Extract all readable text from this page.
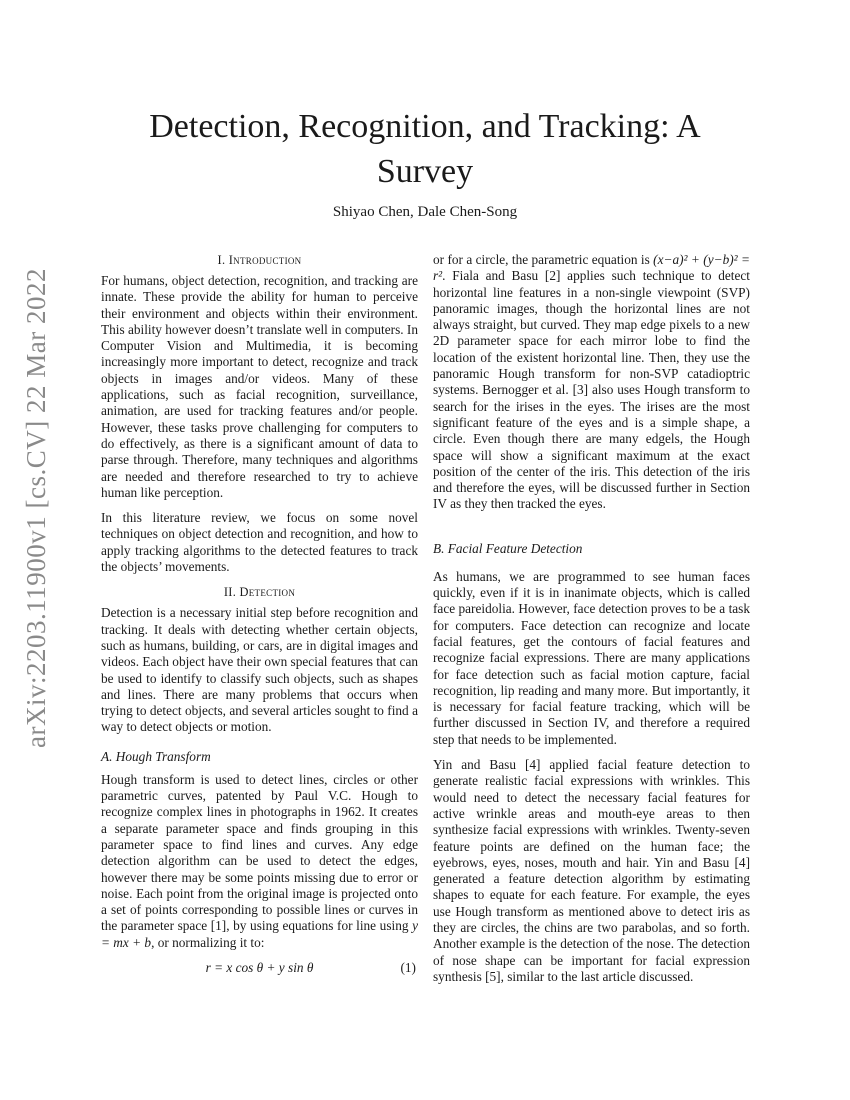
Detection, Recognition, and Tracking: A Survey
Shiyao Chen, Dale Chen-Song
arXiv:2203.11900v1 [cs.CV] 22 Mar 2022
I. Introduction

For humans, object detection, recognition, and tracking are innate. These provide the ability for human to perceive their environment and objects within their environment. This ability however doesn’t translate well in computers. In Computer Vision and Multimedia, it is becoming increasingly more important to detect, recognize and track objects in images and/or videos. Many of these applications, such as facial recognition, surveillance, animation, are used for tracking features and/or people. However, these tasks prove challenging for computers to do effectively, as there is a significant amount of data to parse through. Therefore, many techniques and algorithms are needed and therefore researched to try to achieve human like perception.

In this literature review, we focus on some novel techniques on object detection and recognition, and how to apply tracking algorithms to the detected features to track the objects’ movements.

II. Detection

Detection is a necessary initial step before recognition and tracking. It deals with detecting whether certain objects, such as humans, building, or cars, are in digital images and videos. Each object have their own special features that can be used to identify to classify such objects, such as shapes and lines. There are many problems that occurs when trying to detect objects, and several articles sought to find a way to detect objects or motion.

A. Hough Transform

Hough transform is used to detect lines, circles or other parametric curves, patented by Paul V.C. Hough to recognize complex lines in photographs in 1962. It creates a separate parameter space and finds grouping in this parameter space to find lines and curves. Any edge detection algorithm can be used to detect the edges, however there may be some points missing due to error or noise. Each point from the original image is projected onto a set of points corresponding to possible lines or curves in the parameter space [1], by using equations for line using y = mx + b, or normalizing it to:

r = x cos θ + y sin θ	(1)

or for a circle, the parametric equation is (x−a)² + (y−b)² = r². Fiala and Basu [2] applies such technique to detect horizontal line features in a non-single viewpoint (SVP) panoramic images, though the horizontal lines are not always straight, but curved. They map edge pixels to a new 2D parameter space for each mirror lobe to find the location of the existent horizontal line. Then, they use the panoramic Hough transform for non-SVP catadioptric systems. Bernogger et al. [3] also uses Hough transform to search for the irises in the eyes. The irises are the most significant feature of the eyes and is a simple shape, a circle. Even though there are many edgels, the Hough space will show a significant maximum at the exact position of the center of the iris. This detection of the iris and therefore the eyes, will be discussed further in Section IV as they then tracked the eyes.

B. Facial Feature Detection

As humans, we are programmed to see human faces quickly, even if it is in inanimate objects, which is called face pareidolia. However, face detection proves to be a task for computers. Face detection can recognize and locate facial features, get the contours of facial features and recognize facial expressions. There are many applications for face detection such as facial motion capture, facial recognition, lip reading and many more. But importantly, it is necessary for facial feature tracking, which will be further discussed in Section IV, and therefore a required step that needs to be implemented.

Yin and Basu [4] applied facial feature detection to generate realistic facial expressions with wrinkles. This would need to detect the necessary facial features for active wrinkle areas and mouth-eye areas to then synthesize facial expressions with wrinkles. Twenty-seven feature points are defined on the human face; the eyebrows, eyes, noses, mouth and hair. Yin and Basu [4] generated a feature detection algorithm by estimating shapes to equate for each feature. For example, the eyes use Hough transform as mentioned above to detect iris as they are circles, the chins are two parabolas, and so forth. Another example is the detection of the nose. The detection of nose shape can be important for facial expression synthesis [5], similar to the last article discussed.
